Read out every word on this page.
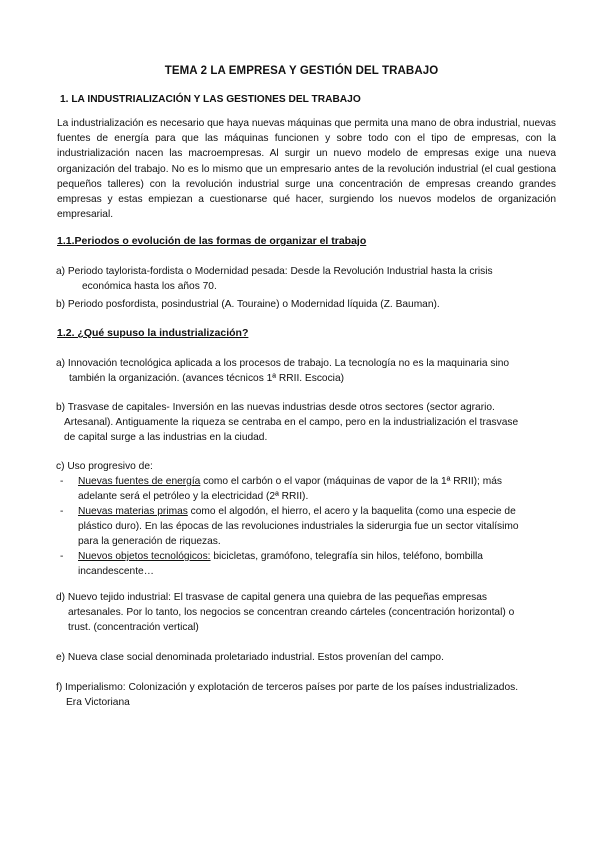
TEMA 2 LA EMPRESA Y GESTIÓN DEL TRABAJO
1. LA INDUSTRIALIZACIÓN Y LAS GESTIONES DEL TRABAJO
La industrialización es necesario que haya nuevas máquinas que permita una mano de obra industrial, nuevas fuentes de energía para que las máquinas funcionen y sobre todo con el tipo de empresas, con la industrialización nacen las macroempresas. Al surgir un nuevo modelo de empresas exige una nueva organización del trabajo. No es lo mismo que un empresario antes de la revolución industrial (el cual gestiona pequeños talleres) con la revolución industrial surge una concentración de empresas creando grandes empresas y estas empiezan a cuestionarse qué hacer, surgiendo los nuevos modelos de organización empresarial.
1.1.Periodos o evolución de las formas de organizar el trabajo
a) Periodo taylorista-fordista o Modernidad pesada: Desde la Revolución Industrial hasta la crisis
económica hasta los años 70.
b) Periodo posfordista, posindustrial (A. Touraine) o Modernidad líquida (Z. Bauman).
1.2. ¿Qué supuso la industrialización?
a) Innovación tecnológica aplicada a los procesos de trabajo. La tecnología no es la maquinaria sino
también la organización. (avances técnicos 1ª RRII. Escocia)
b) Trasvase de capitales- Inversión en las nuevas industrias desde otros sectores (sector agrario.
Artesanal). Antiguamente la riqueza se centraba en el campo, pero en la industrialización el trasvase
de capital surge a las industrias en la ciudad.
c) Uso progresivo de:
- Nuevas fuentes de energía como el carbón o el vapor (máquinas de vapor de la 1ª RRII); más
adelante será el petróleo y la electricidad (2ª RRII).
- Nuevas materias primas como el algodón, el hierro, el acero y la baquelita (como una especie de
plástico duro). En las épocas de las revoluciones industriales la siderurgia fue un sector vitalísimo
para la generación de riquezas.
- Nuevos objetos tecnológicos: bicicletas, gramófono, telegrafía sin hilos, teléfono, bombilla
incandescente…
d) Nuevo tejido industrial: El trasvase de capital genera una quiebra de las pequeñas empresas
artesanales. Por lo tanto, los negocios se concentran creando cárteles (concentración horizontal) o
trust. (concentración vertical)
e) Nueva clase social denominada proletariado industrial. Estos provenían del campo.
f) Imperialismo: Colonización y explotación de terceros países por parte de los países industrializados.
Era Victoriana
